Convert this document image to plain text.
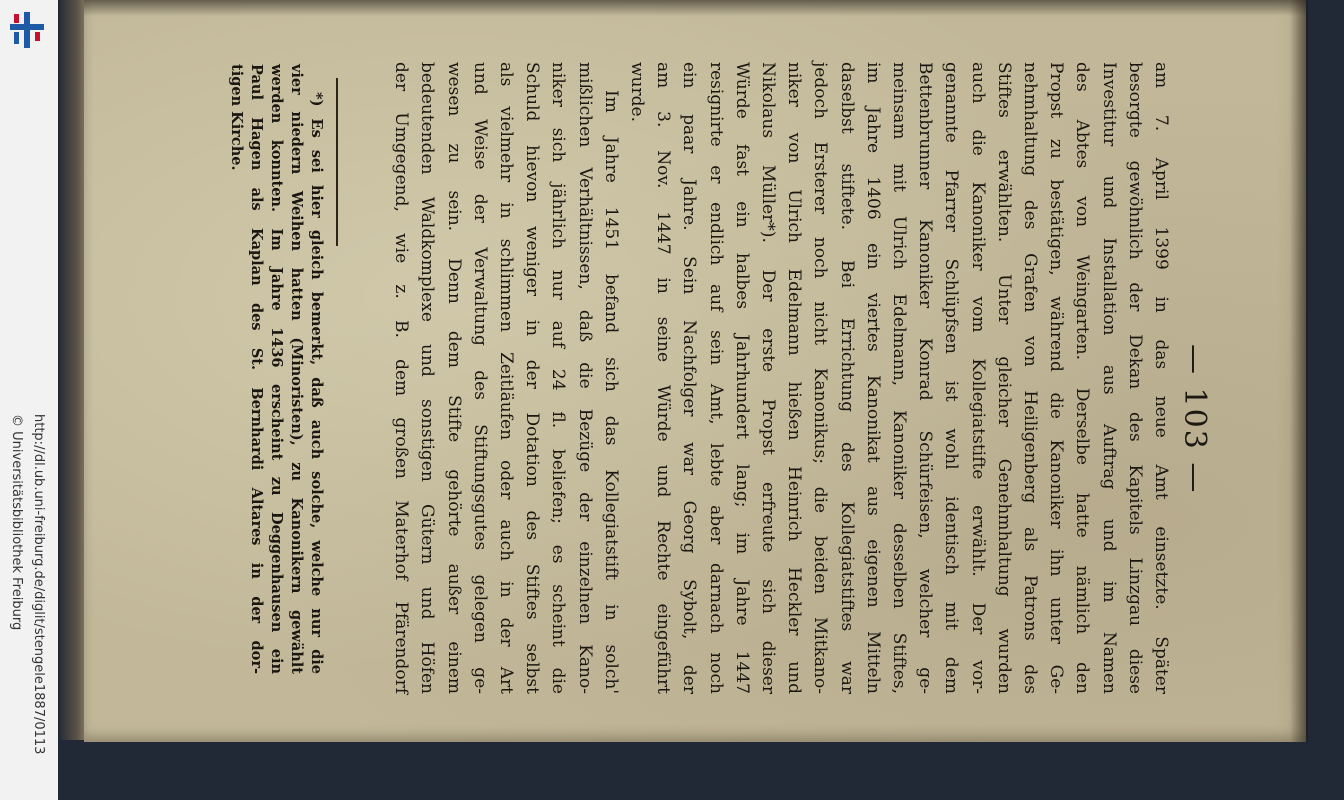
http://dl.ub.uni-freiburg.de/diglit/stengele1887/0113
© Universitätsbibliothek Freiburg	— 103 —
am 7. April 1399 in das neue Amt einsetzte. Später
besorgte gewöhnlich der Dekan des Kapitels Linzgau diese
Investitur und Installation aus Auftrag und im Namen
des Abtes von Weingarten. Derselbe hatte nämlich den
Propst zu bestätigen, während die Kanoniker ihn unter Ge-
nehmhaltung des Grafen von Heiligenberg als Patrons des
Stiftes erwählten. Unter gleicher Genehmhaltung wurden
auch die Kanoniker vom Kollegiatstifte erwählt. Der vor-
genannte Pfarrer Schlüpfsen ist wohl identisch mit dem
Bettenbrunner Kanoniker Konrad Schürfeisen, welcher ge-
meinsam mit Ulrich Edelmann, Kanoniker desselben Stiftes,
im Jahre 1406 ein viertes Kanonikat aus eigenen Mitteln
daselbst stiftete. Bei Errichtung des Kollegiatstiftes war
jedoch Ersterer noch nicht Kanonikus; die beiden Mitkano-
niker von Ulrich Edelmann hießen Heinrich Heckler und
Nikolaus Müller*). Der erste Propst erfreute sich dieser
Würde fast ein halbes Jahrhundert lang; im Jahre 1447
resignirte er endlich auf sein Amt, lebte aber darnach noch
ein paar Jahre. Sein Nachfolger war Georg Sybolt, der
am 3. Nov. 1447 in seine Würde und Rechte eingeführt
wurde.
Im Jahre 1451 befand sich das Kollegiatstift in solch'
mißlichen Verhältnissen, daß die Bezüge der einzelnen Kano-
niker sich jährlich nur auf 24 fl. beliefen; es scheint die
Schuld hievon weniger in der Dotation des Stiftes selbst
als vielmehr in schlimmen Zeitläufen oder auch in der Art
und Weise der Verwaltung des Stiftungsgutes gelegen ge-
wesen zu sein. Denn dem Stifte gehörte außer einem
bedeutenden Waldkomplexe und sonstigen Gütern und Höfen
der Umgegend, wie z. B. dem großen Materhof Pfärendorf
*) Es sei hier gleich bemerkt, daß auch solche, welche nur die
vier niedern Weihen hatten (Minoristen), zu Kanonikern gewählt
werden konnten. Im Jahre 1436 erscheint zu Deggenhausen ein
Paul Hagen als Kaplan des St. Bernhardi Altares in der dor-
tigen Kirche.
